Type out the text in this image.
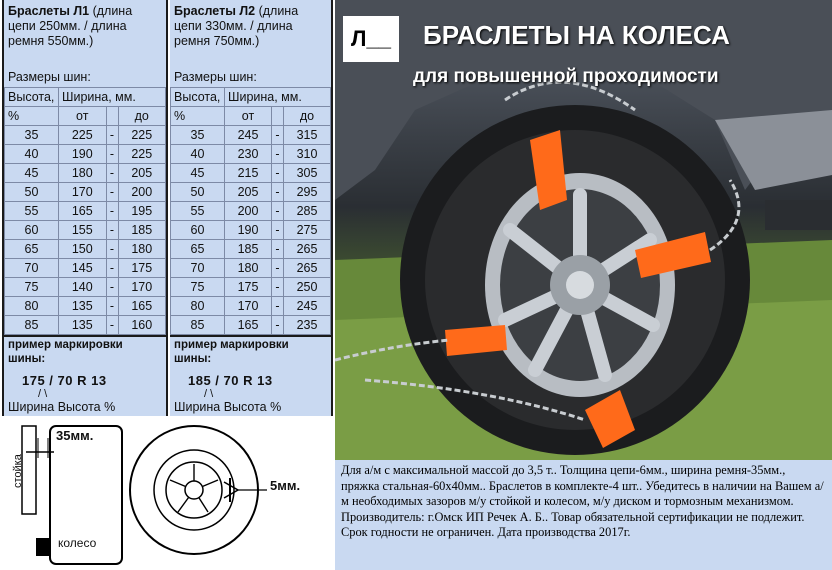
Браслеты Л1 (длина цепи 250мм. / длина ремня 550мм.)
Размеры шин:
Высота,	Ширина, мм.		
%	от		до
35	225	-	225
40	190	-	225
45	180	-	205
50	170	-	200
55	165	-	195
60	155	-	185
65	150	-	180
70	145	-	175
75	140	-	170
80	135	-	165
85	135	-	160
пример маркировки шины:
175 / 70 R 13
/ \
Ширина Высота %
Браслеты Л2 (длина цепи 330мм. / длина ремня 750мм.)
Размеры шин:
Высота,	Ширина, мм.		
%	от		до
35	245	-	315
40	230	-	310
45	215	-	305
50	205	-	295
55	200	-	285
60	190	-	275
65	185	-	265
70	180	-	265
75	175	-	250
80	170	-	245
85	165	-	235
пример маркировки шины:
185 / 70 R 13
/ \
Ширина Высота %
Л__	БРАСЛЕТЫ НА КОЛЕСА
для повышенной проходимости
35мм.
стойка
колесо
5мм.
Для а/м с максимальной массой до 3,5 т.. Толщина цепи-6мм., ширина ремня-35мм., пряжка стальная-60х40мм.. Браслетов в комплекте-4 шт.. Убедитесь в наличии на Вашем а/м необходимых зазоров м/у стойкой и колесом, м/у диском и тормозным механизмом. Производитель: г.Омск ИП Речек А. Б.. Товар обязательной сертификации не подлежит. Срок годности не ограничен. Дата производства 2017г.
